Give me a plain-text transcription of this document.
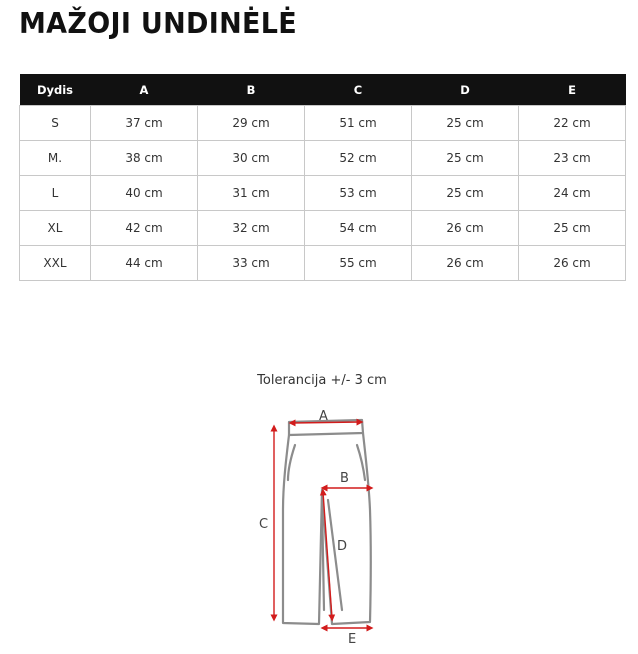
MAŽOJI UNDINĖLĖ
Dydis	A	B	C	D	E
S	37 cm	29 cm	51 cm	25 cm	22 cm
M.	38 cm	30 cm	52 cm	25 cm	23 cm
L	40 cm	31 cm	53 cm	25 cm	24 cm
XL	42 cm	32 cm	54 cm	26 cm	25 cm
XXL	44 cm	33 cm	55 cm	26 cm	26 cm
Tolerancija +/- 3 cm
A
C
B
D
E
